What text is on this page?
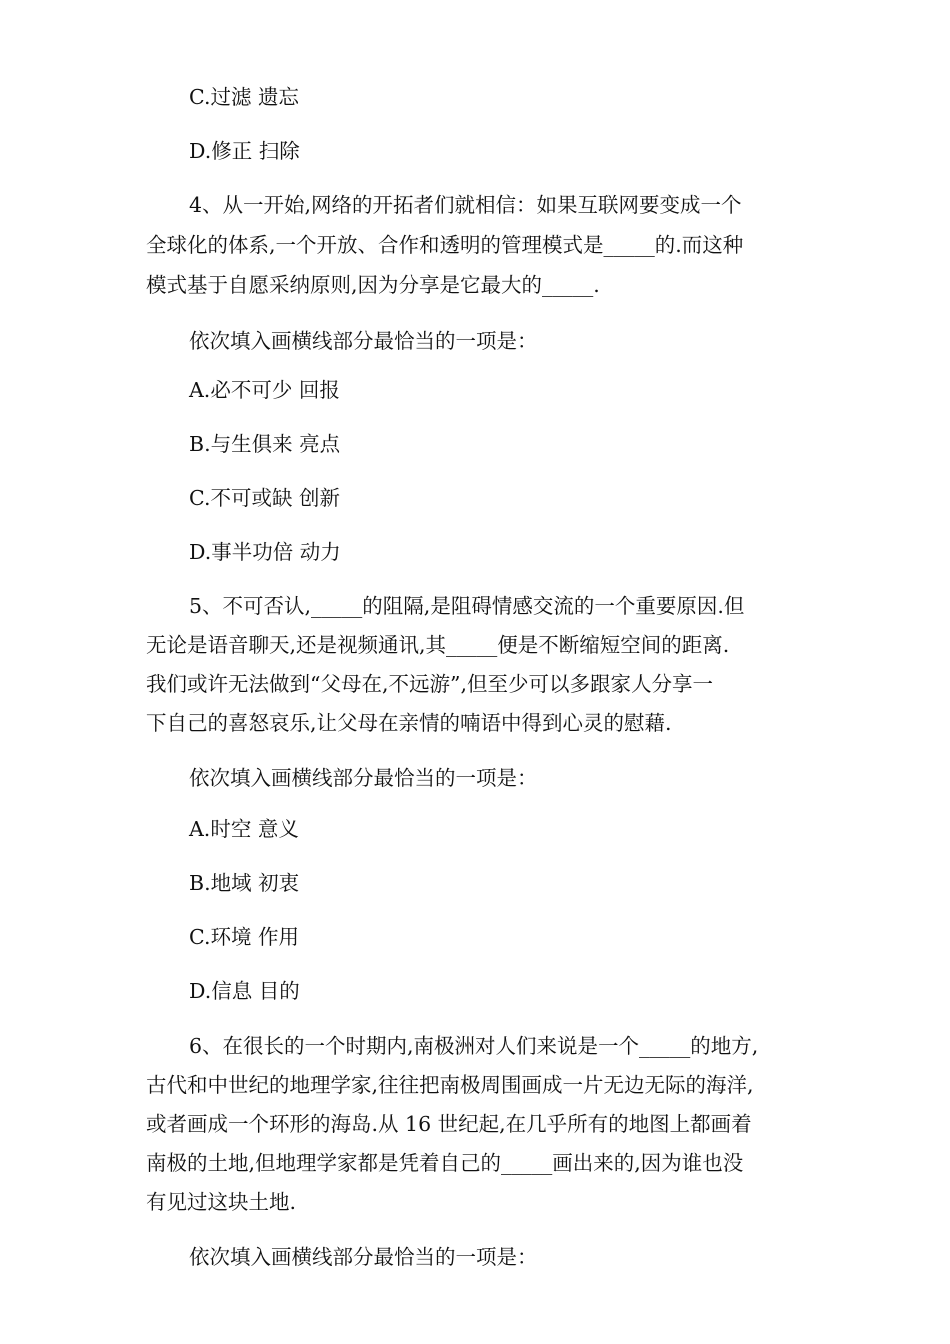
C.过滤 遗忘
D.修正 扫除
4、从一开始,网络的开拓者们就相信：如果互联网要变成一个
全球化的体系,一个开放、合作和透明的管理模式是_____的.而这种
模式基于自愿采纳原则,因为分享是它最大的_____.
依次填入画横线部分最恰当的一项是：
A.必不可少 回报
B.与生俱来 亮点
C.不可或缺 创新
D.事半功倍 动力
5、不可否认,_____的阻隔,是阻碍情感交流的一个重要原因.但
无论是语音聊天,还是视频通讯,其_____便是不断缩短空间的距离.
我们或许无法做到“父母在,不远游”,但至少可以多跟家人分享一
下自己的喜怒哀乐,让父母在亲情的喃语中得到心灵的慰藉.
依次填入画横线部分最恰当的一项是：
A.时空 意义
B.地域 初衷
C.环境 作用
D.信息 目的
6、在很长的一个时期内,南极洲对人们来说是一个_____的地方,
古代和中世纪的地理学家,往往把南极周围画成一片无边无际的海洋,
或者画成一个环形的海岛.从 16 世纪起,在几乎所有的地图上都画着
南极的土地,但地理学家都是凭着自己的_____画出来的,因为谁也没
有见过这块土地.
依次填入画横线部分最恰当的一项是：
